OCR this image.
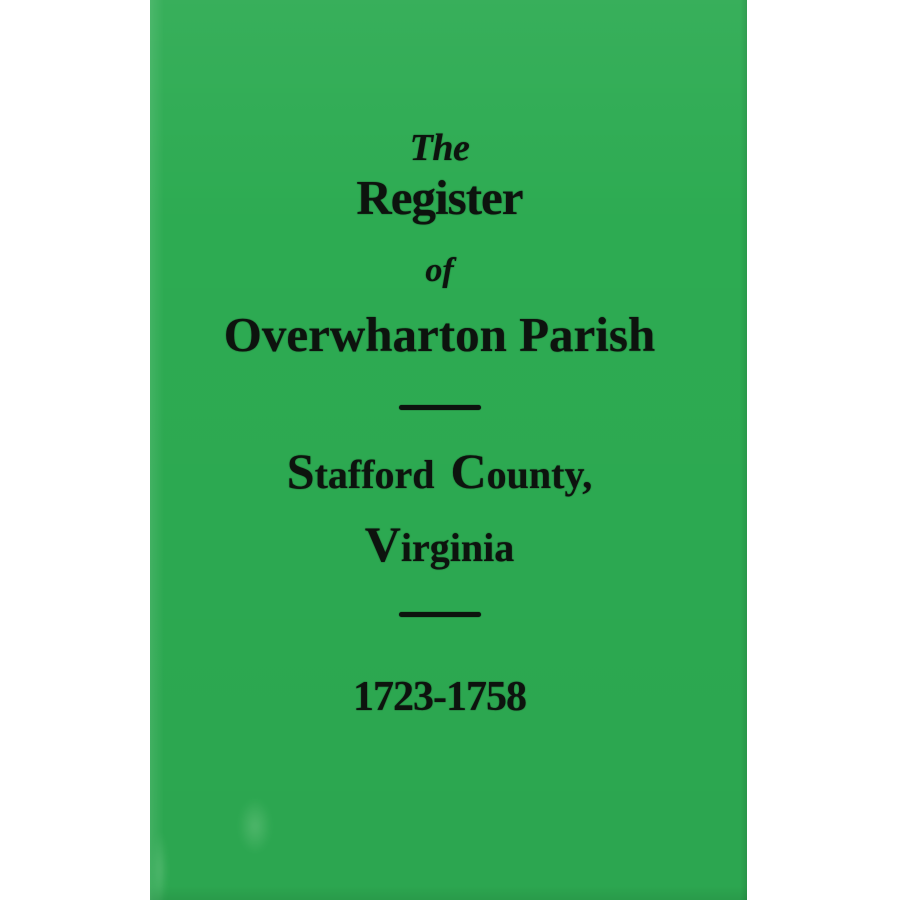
The
Register
of
Overwharton Parish
Stafford County,
Virginia
1723-1758
